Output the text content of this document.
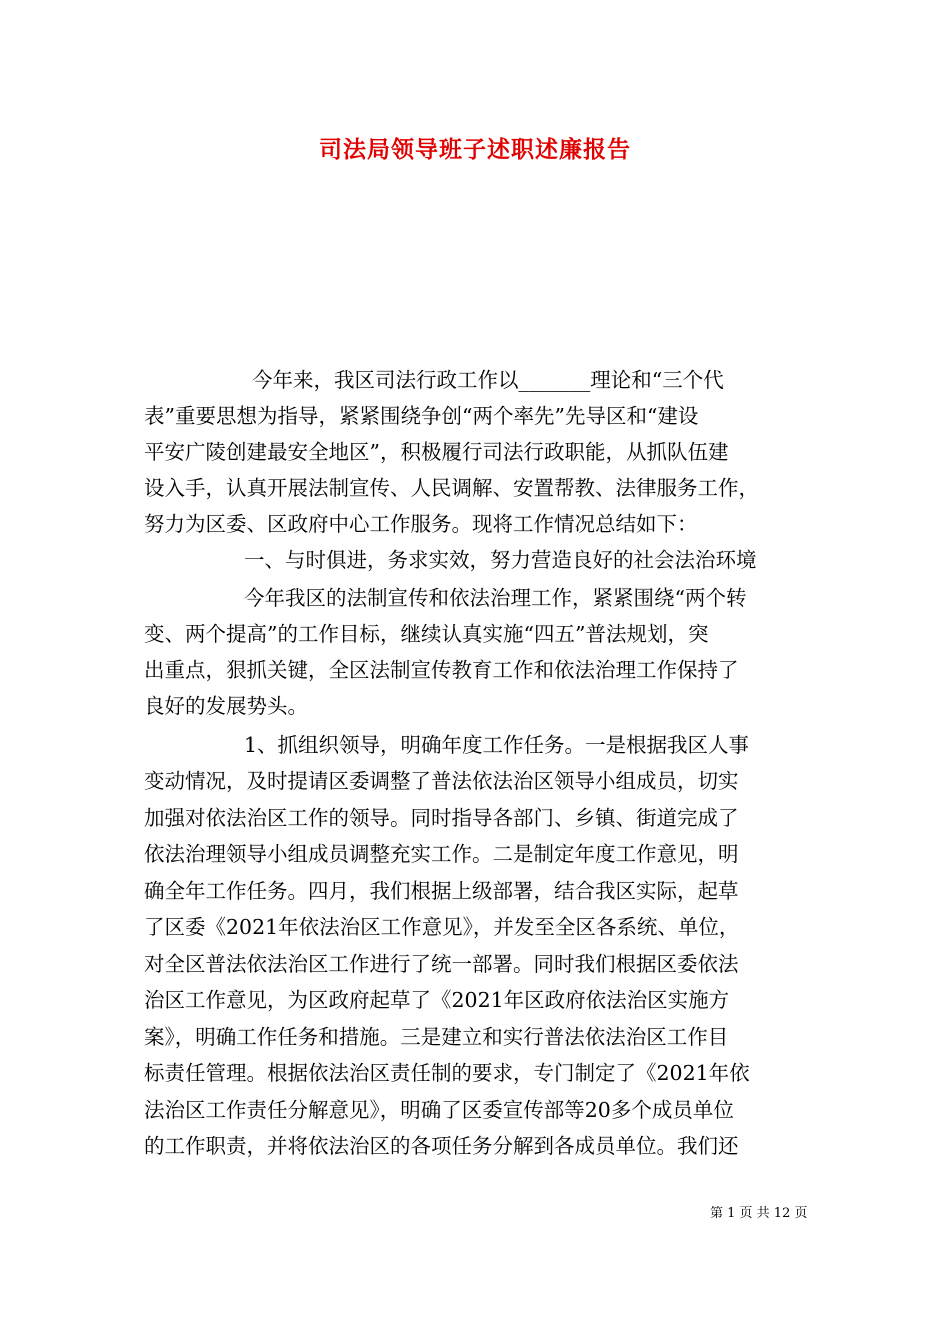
司法局领导班子述职述廉报告

今年来，我区司法行政工作以_______理论和“三个代

表”重要思想为指导，紧紧围绕争创“两个率先”先导区和“建设

平安广陵创建最安全地区”，积极履行司法行政职能，从抓队伍建

设入手，认真开展法制宣传、人民调解、安置帮教、法律服务工作，

努力为区委、区政府中心工作服务。现将工作情况总结如下：

一、与时俱进，务求实效，努力营造良好的社会法治环境

今年我区的法制宣传和依法治理工作，紧紧围绕“两个转

变、两个提高”的工作目标，继续认真实施“四五”普法规划，突

出重点，狠抓关键，全区法制宣传教育工作和依法治理工作保持了

良好的发展势头。

1、抓组织领导，明确年度工作任务。一是根据我区人事

变动情况，及时提请区委调整了普法依法治区领导小组成员，切实

加强对依法治区工作的领导。同时指导各部门、乡镇、街道完成了

依法治理领导小组成员调整充实工作。二是制定年度工作意见，明

确全年工作任务。四月，我们根据上级部署，结合我区实际，起草

了区委《2021年依法治区工作意见》，并发至全区各系统、单位，

对全区普法依法治区工作进行了统一部署。同时我们根据区委依法

治区工作意见，为区政府起草了《2021年区政府依法治区实施方

案》，明确工作任务和措施。三是建立和实行普法依法治区工作目

标责任管理。根据依法治区责任制的要求，专门制定了《2021年依

法治区工作责任分解意见》，明确了区委宣传部等20多个成员单位

的工作职责，并将依法治区的各项任务分解到各成员单位。我们还

第 1 页 共 12 页
